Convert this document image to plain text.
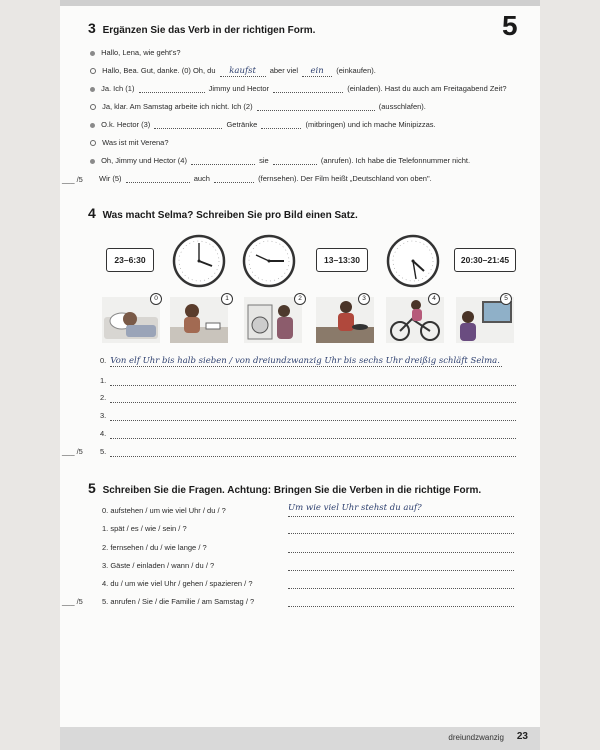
5
3 Ergänzen Sie das Verb in der richtigen Form.
Hallo, Lena, wie geht's?
Hallo, Bea. Gut, danke. (0) Oh, du kaufst aber viel ein (einkaufen).
Ja. Ich (1)	Jimmy und Hector	(einladen). Hast du auch am Freitagabend Zeit?
Ja, klar. Am Samstag arbeite ich nicht. Ich (2)	(ausschlafen).
O.k. Hector (3)	Getränke	(mitbringen) und ich mache Minipizzas.
Was ist mit Verena?
Oh, Jimmy und Hector (4)	sie	(anrufen). Ich habe die Telefonnummer nicht.
Wir (5)	auch	(fernsehen). Der Film heißt „Deutschland von oben".
___ /5
4 Was macht Selma? Schreiben Sie pro Bild einen Satz.
23–6:30	13–13:30	20:30–21:45
0	1	2	3	4	5
0. Von elf Uhr bis halb sieben / von dreiundzwanzig Uhr bis sechs Uhr dreißig schläft Selma.
1.
2.
3.
4.
5.
___ /5
5 Schreiben Sie die Fragen. Achtung: Bringen Sie die Verben in die richtige Form.
0. aufstehen / um wie viel Uhr / du / ?	Um wie viel Uhr stehst du auf?
1. spät / es / wie / sein / ?
2. fernsehen / du / wie lange / ?
3. Gäste / einladen / wann / du / ?
4. du / um wie viel Uhr / gehen / spazieren / ?
5. anrufen / Sie / die Familie / am Samstag / ?
___ /5
dreiundzwanzig 23
